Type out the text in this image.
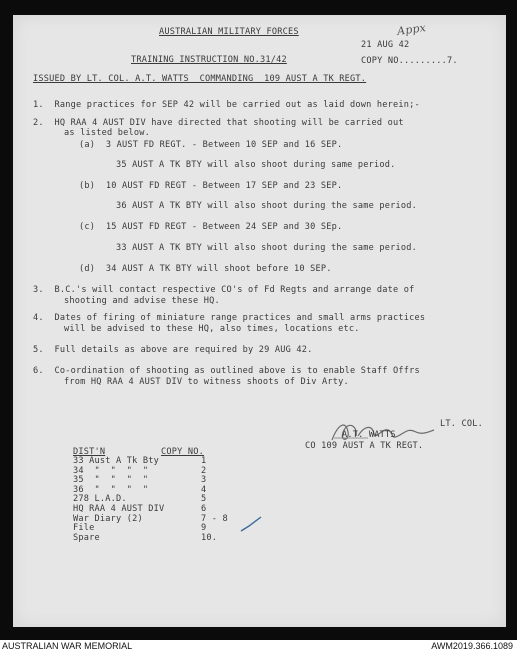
Appx
AUSTRALIAN MILITARY FORCES
TRAINING INSTRUCTION NO.31/42
21 AUG 42
COPY NO.........7.
ISSUED BY LT. COL. A.T. WATTS  COMMANDING  109 AUST A TK REGT.
1.  Range practices for SEP 42 will be carried out as laid down herein;-
2.  HQ RAA 4 AUST DIV have directed that shooting will be carried out
as listed below.
(a)  3 AUST FD REGT. - Between 10 SEP and 16 SEP.
35 AUST A TK BTY will also shoot during same period.
(b)  10 AUST FD REGT - Between 17 SEP and 23 SEP.
36 AUST A TK BTY will also shoot during the same period.
(c)  15 AUST FD REGT - Between 24 SEP and 30 SEp.
33 AUST A TK BTY will also shoot during the same period.
(d)  34 AUST A TK BTY will shoot before 10 SEP.
3.  B.C.'s will contact respective CO's of Fd Regts and arrange date of
shooting and advise these HQ.
4.  Dates of firing of miniature range practices and small arms practices
will be advised to these HQ, also times, locations etc.
5.  Full details as above are required by 29 AUG 42.
6.  Co-ordination of shooting as outlined above is to enable Staff Offrs
from HQ RAA 4 AUST DIV to witness shoots of Div Arty.
LT. COL.
A.T. WATTS
CO 109 AUST A TK REGT.
DIST'N	COPY NO.
33 Aust A Tk Bty	1
34  "  "  "  "	2
35  "  "  "  "	3
36  "  "  "  "	4
278 L.A.D.	5
HQ RAA 4 AUST DIV	6
War Diary (2)	7 - 8
File	9
Spare	10.
AUSTRALIAN WAR MEMORIAL	AWM2019.366.1089
